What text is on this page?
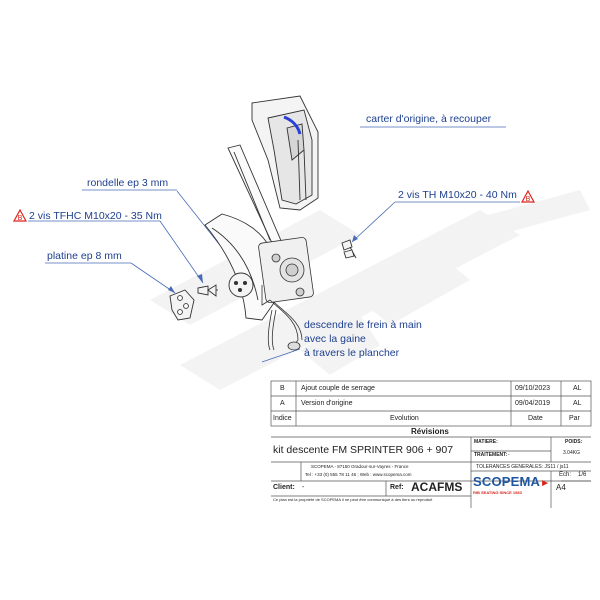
carter d'origine, à recouper
rondelle ep 3 mm
2 vis TFHC M10x20 - 35 Nm
2 vis TH M10x20 - 40 Nm
platine ep 8 mm
descendre le frein à main
avec la gaine
à travers le plancher
B
B
B Ajout couple de serrage	09/10/2023	AL
A Version d'origine	09/04/2019	AL
Indice	Evolution	Date	Par
Révisions
kit descente FM SPRINTER 906 + 907
MATIERE:
TRAITEMENT: -
POIDS:
3.04KG
TOLERANCES GENERALES: JS11 / js11
SCOPEMA - 87150 Oradour-sur-Vayres - France
Tel : +33 (0) 555 78 11 46 ; Web : www.scopema.com
Client: -	Ref: ACAFMS SCOPEMA►
RIB SEATING SINCE 1983
A4
Ech: 1/6
Ce plan est la propriété de SCOPEMA il ne peut être communiqué à des tiers ou reproduit
